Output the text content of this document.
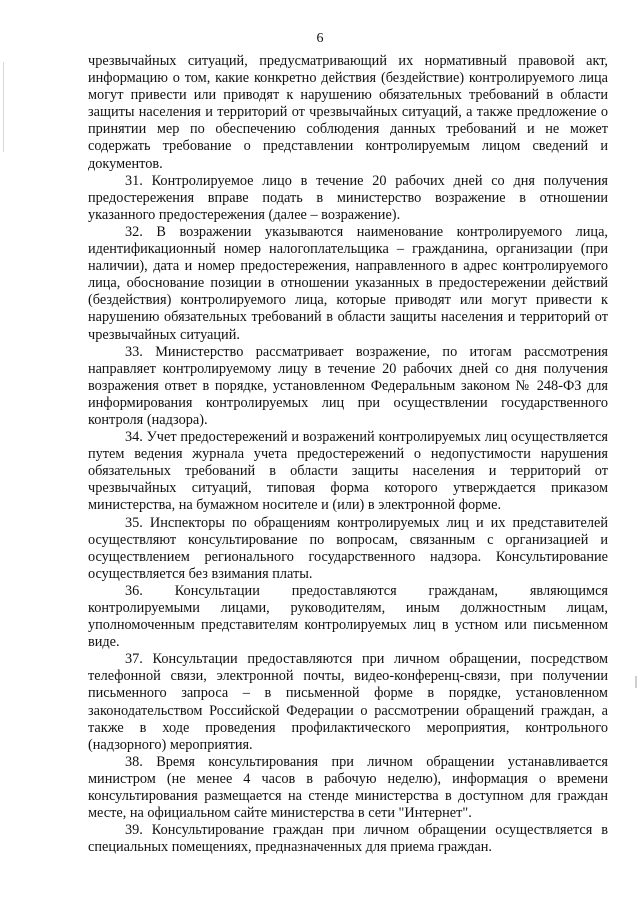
6

чрезвычайных ситуаций, предусматривающий их нормативный правовой акт, информацию о том, какие конкретно действия (бездействие) контролируемого лица могут привести или приводят к нарушению обязательных требований в области защиты населения и территорий от чрезвычайных ситуаций, а также предложение о принятии мер по обеспечению соблюдения данных требований и не может содержать требование о представлении контролируемым лицом сведений и документов.

31. Контролируемое лицо в течение 20 рабочих дней со дня получения предостережения вправе подать в министерство возражение в отношении указанного предостережения (далее – возражение).

32. В возражении указываются наименование контролируемого лица, идентификационный номер налогоплательщика – гражданина, организации (при наличии), дата и номер предостережения, направленного в адрес контролируемого лица, обоснование позиции в отношении указанных в предостережении действий (бездействия) контролируемого лица, которые приводят или могут привести к нарушению обязательных требований в области защиты населения и территорий от чрезвычайных ситуаций.

33. Министерство рассматривает возражение, по итогам рассмотрения направляет контролируемому лицу в течение 20 рабочих дней со дня получения возражения ответ в порядке, установленном Федеральным законом № 248-ФЗ для информирования контролируемых лиц при осуществлении государственного контроля (надзора).

34. Учет предостережений и возражений контролируемых лиц осуществляется путем ведения журнала учета предостережений о недопустимости нарушения обязательных требований в области защиты населения и территорий от чрезвычайных ситуаций, типовая форма которого утверждается приказом министерства, на бумажном носителе и (или) в электронной форме.

35. Инспекторы по обращениям контролируемых лиц и их представителей осуществляют консультирование по вопросам, связанным с организацией и осуществлением регионального государственного надзора. Консультирование осуществляется без взимания платы.

36. Консультации предоставляются гражданам, являющимся контролируемыми лицами, руководителям, иным должностным лицам, уполномоченным представителям контролируемых лиц в устном или письменном виде.

37. Консультации предоставляются при личном обращении, посредством телефонной связи, электронной почты, видео-конференц-связи, при получении письменного запроса – в письменной форме в порядке, установленном законодательством Российской Федерации о рассмотрении обращений граждан, а также в ходе проведения профилактического мероприятия, контрольного (надзорного) мероприятия.

38. Время консультирования при личном обращении устанавливается министром (не менее 4 часов в рабочую неделю), информация о времени консультирования размещается на стенде министерства в доступном для граждан месте, на официальном сайте министерства в сети "Интернет".

39. Консультирование граждан при личном обращении осуществляется в специальных помещениях, предназначенных для приема граждан.
